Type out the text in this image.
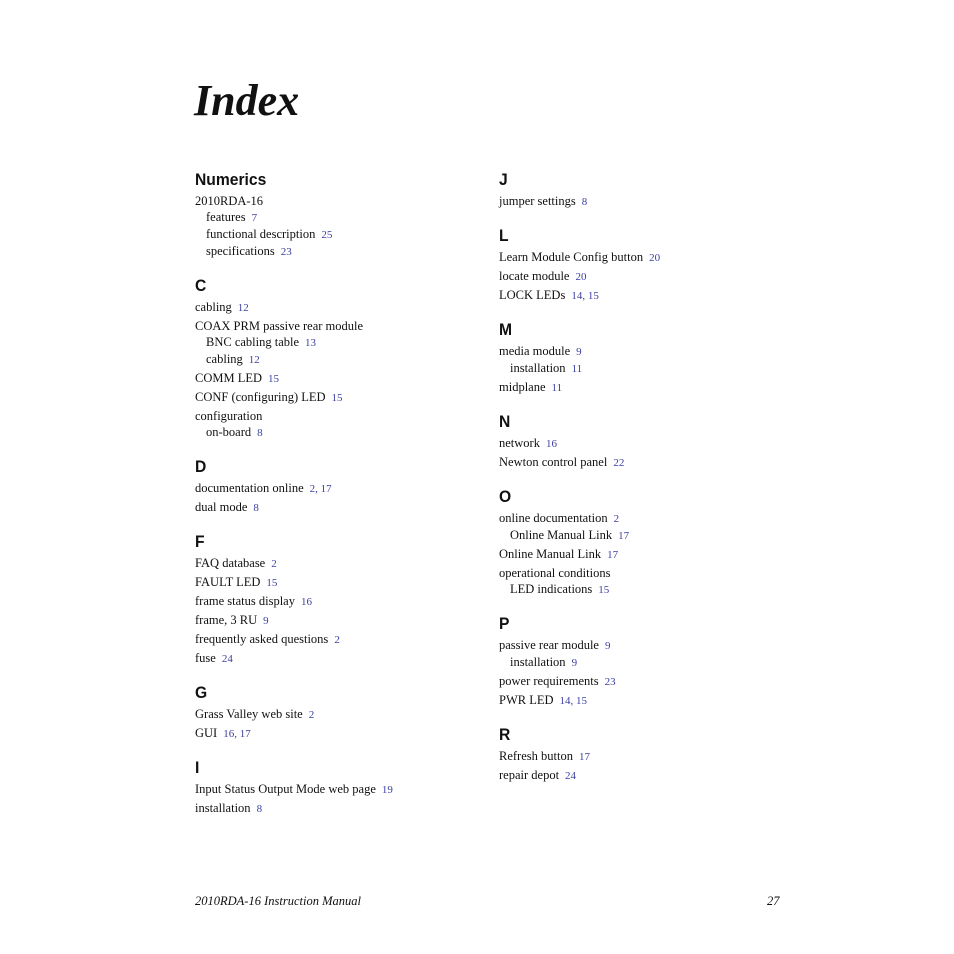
Index
Numerics
2010RDA-16
features 7
functional description 25
specifications 23
C
cabling 12
COAX PRM passive rear module
BNC cabling table 13
cabling 12
COMM LED 15
CONF (configuring) LED 15
configuration
on-board 8
D
documentation online 2, 17
dual mode 8
F
FAQ database 2
FAULT LED 15
frame status display 16
frame, 3 RU 9
frequently asked questions 2
fuse 24
G
Grass Valley web site 2
GUI 16, 17
I
Input Status Output Mode web page 19
installation 8
J
jumper settings 8
L
Learn Module Config button 20
locate module 20
LOCK LEDs 14, 15
M
media module 9
installation 11
midplane 11
N
network 16
Newton control panel 22
O
online documentation 2
Online Manual Link 17
Online Manual Link 17
operational conditions
LED indications 15
P
passive rear module 9
installation 9
power requirements 23
PWR LED 14, 15
R
Refresh button 17
repair depot 24
2010RDA-16 Instruction Manual	27
